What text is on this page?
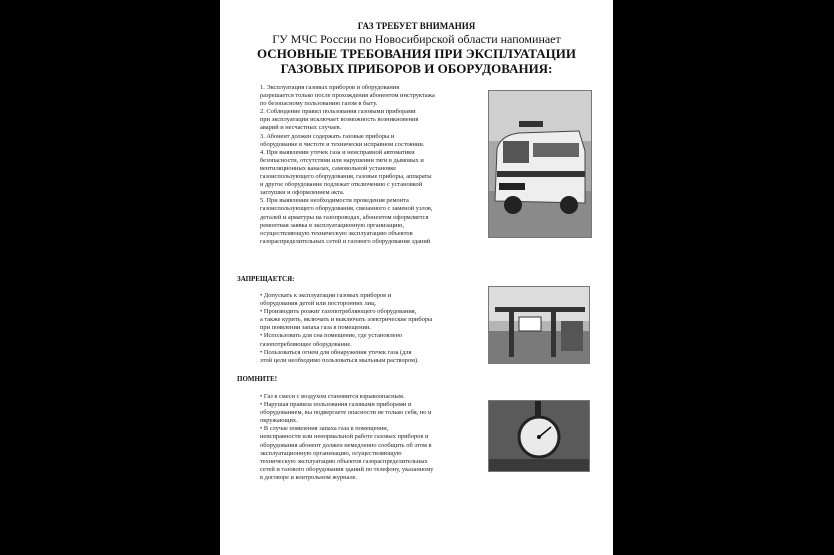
ГАЗ ТРЕБУЕТ ВНИМАНИЯ
ГУ МЧС России по Новосибирской области напоминает
ОСНОВНЫЕ ТРЕБОВАНИЯ ПРИ ЭКСПЛУАТАЦИИ
ГАЗОВЫХ ПРИБОРОВ И ОБОРУДОВАНИЯ:
1. Эксплуатация газовых приборов и оборудования
разрешается только после прохождения абонентом инструктажа
по безопасному пользованию газом в быту.
2. Соблюдение правил пользования газовыми приборами
при эксплуатации исключает возможность возникновения
аварий и несчастных случаев.
3. Абонент должен содержать газовые приборы и
оборудование в чистоте и технически исправном состоянии.
4. При выявлении утечек газа и неисправной автоматики
безопасности, отсутствии или нарушении тяги в дымовых и
вентиляционных каналах, самовольной установке
газоиспользующего оборудования, газовые приборы, аппараты
и другое оборудование подлежат отключению с установкой
заглушки и оформлением акта.
5. При выявлении необходимости проведения ремонта
газоиспользующего оборудования, связанного с заменой узлов,
деталей и арматуры на газопроводах, абонентом оформляется
ремонтная заявка в эксплуатационную организацию,
осуществляющую техническую эксплуатацию объектов
газораспределительных сетей и газового оборудования зданий
ЗАПРЕЩАЕТСЯ:
• Допускать к эксплуатации газовых приборов и
оборудования детей или посторонних лиц.
• Производить розжиг газопотребляющего оборудования,
а также курить, включать и выключать электрические приборы
при появлении запаха газа в помещении.
• Использовать для сна помещение, где установлено
газопотребляющее оборудование.
• Пользоваться огнем для обнаружения утечек газа (для
этой цели необходимо пользоваться мыльным раствором).
ПОМНИТЕ!
• Газ в смеси с воздухом становится взрывоопасным.
• Нарушая правила пользования газовыми приборами и
оборудованием, вы подвергаете опасности не только себя, но и
окружающих.
• В случае появления запаха газа в помещении,
неисправности или ненормальной работе газовых приборов и
оборудования абонент должен немедленно сообщить об этом в
эксплуатационную организацию, осуществляющую
техническую эксплуатацию объектов газораспределительных
сетей и газового оборудования зданий по телефону, указанному
в договоре и контрольном журнале.
